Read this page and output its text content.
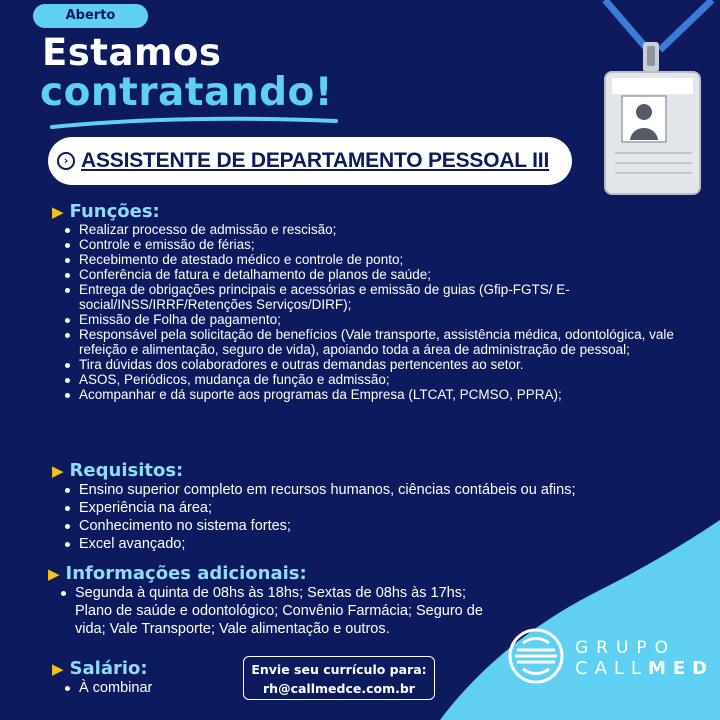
Aberto
Estamos
contratando!
› ASSISTENTE DE DEPARTAMENTO PESSOAL III
▶ Funções:
Realizar processo de admissão e rescisão;
Controle e emissão de férias;
Recebimento de atestado médico e controle de ponto;
Conferência de fatura e detalhamento de planos de saúde;
Entrega de obrigações principais e acessórias e emissão de guias (Gfip-FGTS/ E-social/INSS/IRRF/Retenções Serviços/DIRF);
Emissão de Folha de pagamento;
Responsável pela solicitação de benefícios (Vale transporte, assistência médica, odontológica, vale refeição e alimentação, seguro de vida), apoiando toda a área de administração de pessoal;
Tira dúvidas dos colaboradores e outras demandas pertencentes ao setor.
ASOS, Periódicos, mudança de função e admissão;
Acompanhar e dá suporte aos programas da Empresa (LTCAT, PCMSO, PPRA);
▶ Requisitos:
Ensino superior completo em recursos humanos, ciências contábeis ou afins;
Experiência na área;
Conhecimento no sistema fortes;
Excel avançado;
▶ Informações adicionais:
Segunda à quinta de 08hs às 18hs; Sextas de 08hs às 17hs; Plano de saúde e odontológico; Convênio Farmácia; Seguro de vida; Vale Transporte; Vale alimentação e outros.
▶ Salário:
À combinar
Envie seu currículo para:
rh@callmedce.com.br
GRUPO
CALLMED
